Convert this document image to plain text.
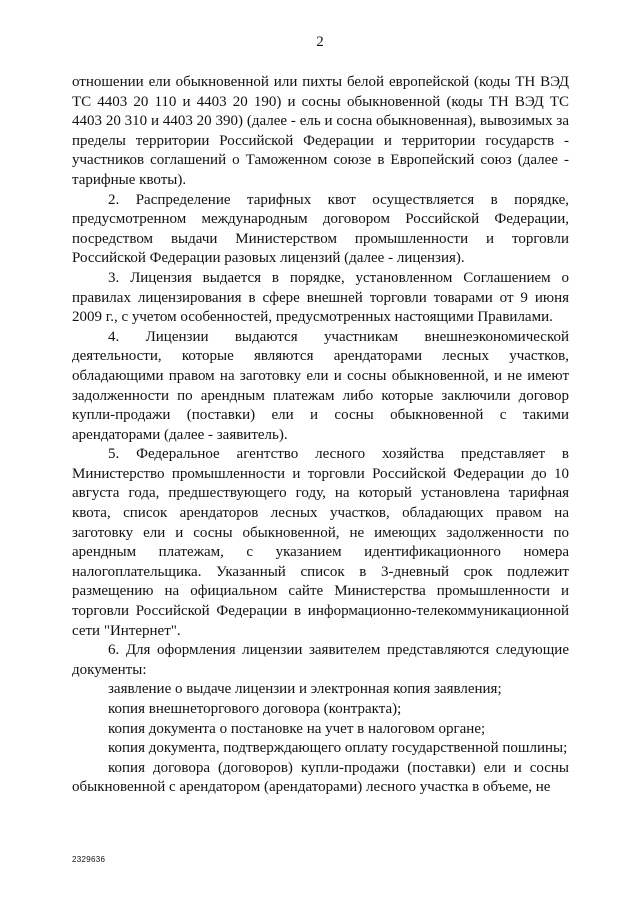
2

отношении ели обыкновенной или пихты белой европейской (коды ТН ВЭД ТС 4403 20 110 и 4403 20 190) и сосны обыкновенной (коды ТН ВЭД ТС 4403 20 310 и 4403 20 390) (далее - ель и сосна обыкновенная), вывозимых за пределы территории Российской Федерации и территории государств - участников соглашений о Таможенном союзе в Европейский союз (далее - тарифные квоты).

2. Распределение тарифных квот осуществляется в порядке, предусмотренном международным договором Российской Федерации, посредством выдачи Министерством промышленности и торговли Российской Федерации разовых лицензий (далее - лицензия).

3. Лицензия выдается в порядке, установленном Соглашением о правилах лицензирования в сфере внешней торговли товарами от 9 июня 2009 г., с учетом особенностей, предусмотренных настоящими Правилами.

4. Лицензии выдаются участникам внешнеэкономической деятельности, которые являются арендаторами лесных участков, обладающими правом на заготовку ели и сосны обыкновенной, и не имеют задолженности по арендным платежам либо которые заключили договор купли-продажи (поставки) ели и сосны обыкновенной с такими арендаторами (далее - заявитель).

5. Федеральное агентство лесного хозяйства представляет в Министерство промышленности и торговли Российской Федерации до 10 августа года, предшествующего году, на который установлена тарифная квота, список арендаторов лесных участков, обладающих правом на заготовку ели и сосны обыкновенной, не имеющих задолженности по арендным платежам, с указанием идентификационного номера налогоплательщика. Указанный список в 3-дневный срок подлежит размещению на официальном сайте Министерства промышленности и торговли Российской Федерации в информационно-телекоммуникационной сети "Интернет".

6. Для оформления лицензии заявителем представляются следующие документы:

заявление о выдаче лицензии и электронная копия заявления;

копия внешнеторгового договора (контракта);

копия документа о постановке на учет в налоговом органе;

копия документа, подтверждающего оплату государственной пошлины;

копия договора (договоров) купли-продажи (поставки) ели и сосны обыкновенной с арендатором (арендаторами) лесного участка в объеме, не

2329636
